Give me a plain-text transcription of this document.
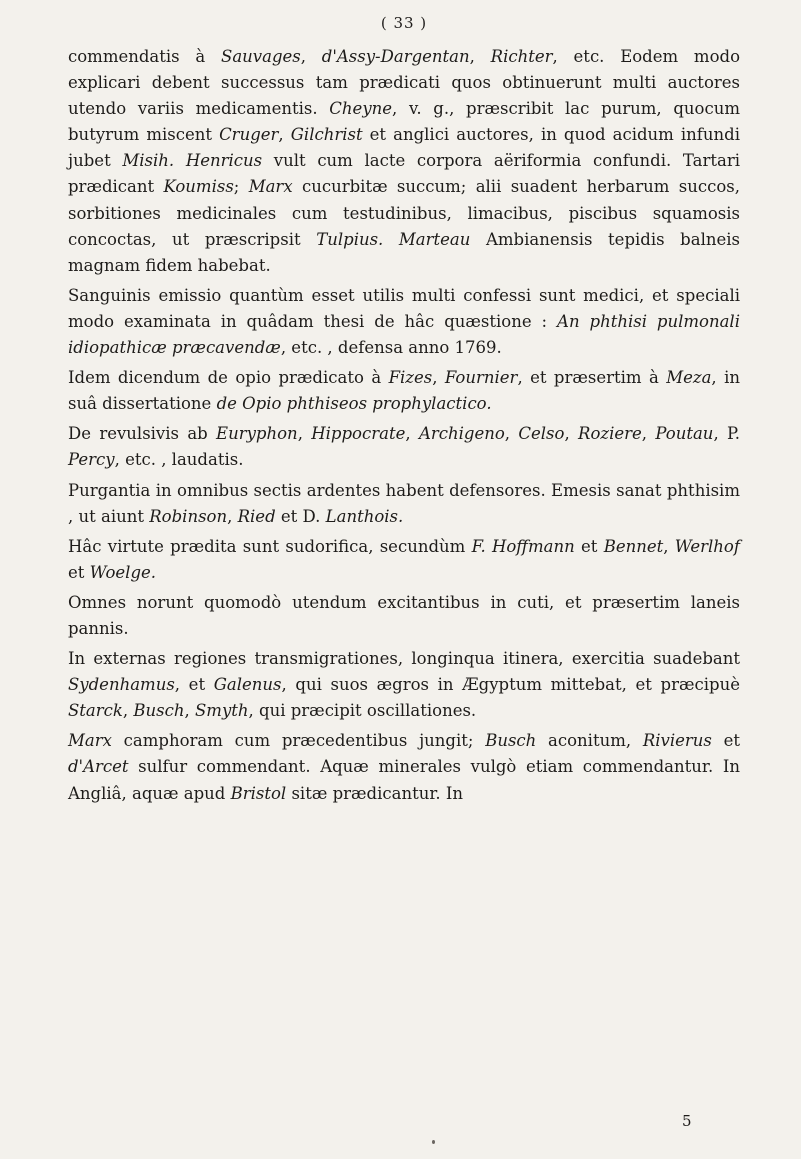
( 33 )

commendatis à Sauvages, d'Assy-Dargentan, Richter, etc. Eodem modo explicari debent successus tam prædicati quos obtinuerunt multi auctores utendo variis medicamentis. Cheyne, v. g., præscribit lac purum, quocum butyrum miscent Cruger, Gilchrist et anglici auctores, in quod acidum infundi jubet Misih. Henricus vult cum lacte corpora aëriformia confundi. Tartari prædicant Koumiss; Marx cucurbitæ succum; alii suadent herbarum succos, sorbitiones medicinales cum testudinibus, limacibus, piscibus squamosis concoctas, ut præscripsit Tulpius. Marteau Ambianensis tepidis balneis magnam fidem habebat.

Sanguinis emissio quantùm esset utilis multi confessi sunt medici, et speciali modo examinata in quâdam thesi de hâc quæstione : An phthisi pulmonali idiopathicæ præcavendæ, etc. , defensa anno 1769.

Idem dicendum de opio prædicato à Fizes, Fournier, et præsertim à Meza, in suâ dissertatione de Opio phthiseos prophylactico.

De revulsivis ab Euryphon, Hippocrate, Archigeno, Celso, Roziere, Poutau, P. Percy, etc. , laudatis.

Purgantia in omnibus sectis ardentes habent defensores. Emesis sanat phthisim , ut aiunt Robinson, Ried et D. Lanthois.

Hâc virtute prædita sunt sudorifica, secundùm F. Hoffmann et Bennet, Werlhof et Woelge.

Omnes norunt quomodò utendum excitantibus in cuti, et præsertim laneis pannis.

In externas regiones transmigrationes, longinqua itinera, exercitia suadebant Sydenhamus, et Galenus, qui suos ægros in Ægyptum mittebat, et præcipuè Starck, Busch, Smyth, qui præcipit oscillationes.

Marx camphoram cum præcedentibus jungit; Busch aconitum, Rivierus et d'Arcet sulfur commendant. Aquæ minerales vulgò etiam commendantur. In Angliâ, aquæ apud Bristol sitæ prædicantur. In

5
